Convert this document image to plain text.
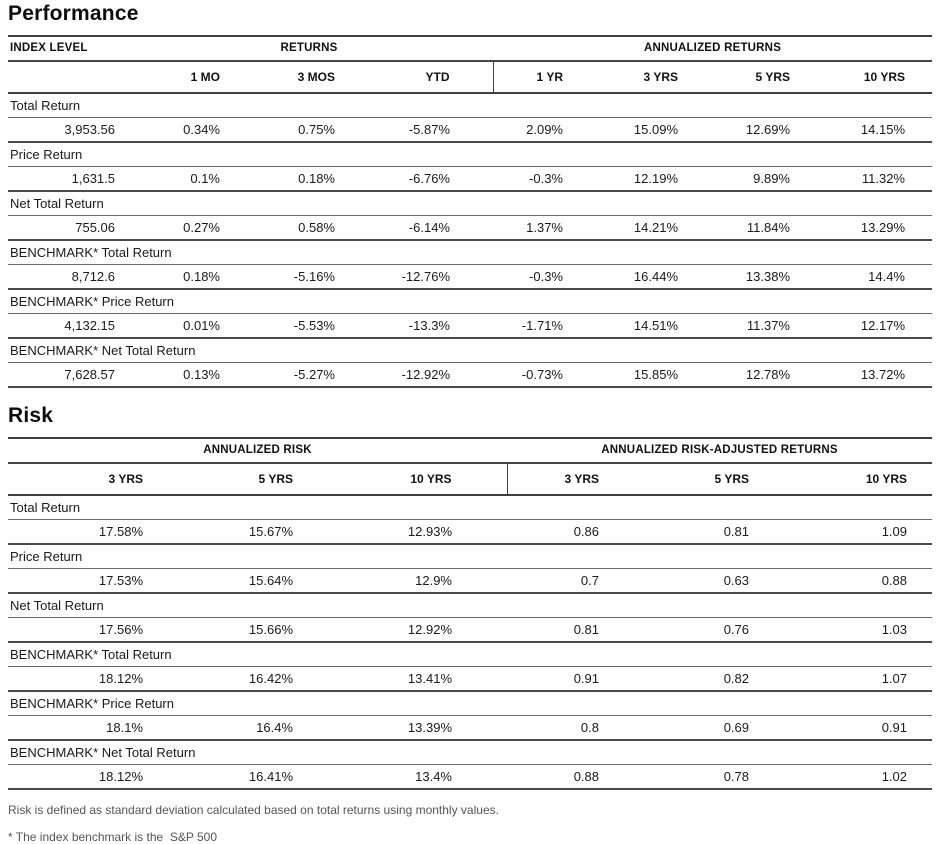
Performance
INDEX LEVEL	RETURNS			ANNUALIZED RETURNS			
	1 MO	3 MOS	YTD	1 YR	3 YRS	5 YRS	10 YRS
Total Return							
3,953.56	0.34%	0.75%	-5.87%	2.09%	15.09%	12.69%	14.15%
Price Return							
1,631.5	0.1%	0.18%	-6.76%	-0.3%	12.19%	9.89%	11.32%
Net Total Return							
755.06	0.27%	0.58%	-6.14%	1.37%	14.21%	11.84%	13.29%
BENCHMARK* Total Return							
8,712.6	0.18%	-5.16%	-12.76%	-0.3%	16.44%	13.38%	14.4%
BENCHMARK* Price Return							
4,132.15	0.01%	-5.53%	-13.3%	-1.71%	14.51%	11.37%	12.17%
BENCHMARK* Net Total Return							
7,628.57	0.13%	-5.27%	-12.92%	-0.73%	15.85%	12.78%	13.72%
Risk
ANNUALIZED RISK			ANNUALIZED RISK-ADJUSTED RETURNS		
3 YRS	5 YRS	10 YRS	3 YRS	5 YRS	10 YRS
Total Return					
17.58%	15.67%	12.93%	0.86	0.81	1.09
Price Return					
17.53%	15.64%	12.9%	0.7	0.63	0.88
Net Total Return					
17.56%	15.66%	12.92%	0.81	0.76	1.03
BENCHMARK* Total Return					
18.12%	16.42%	13.41%	0.91	0.82	1.07
BENCHMARK* Price Return					
18.1%	16.4%	13.39%	0.8	0.69	0.91
BENCHMARK* Net Total Return					
18.12%	16.41%	13.4%	0.88	0.78	1.02
Risk is defined as standard deviation calculated based on total returns using monthly values.
* The index benchmark is the  S&P 500
